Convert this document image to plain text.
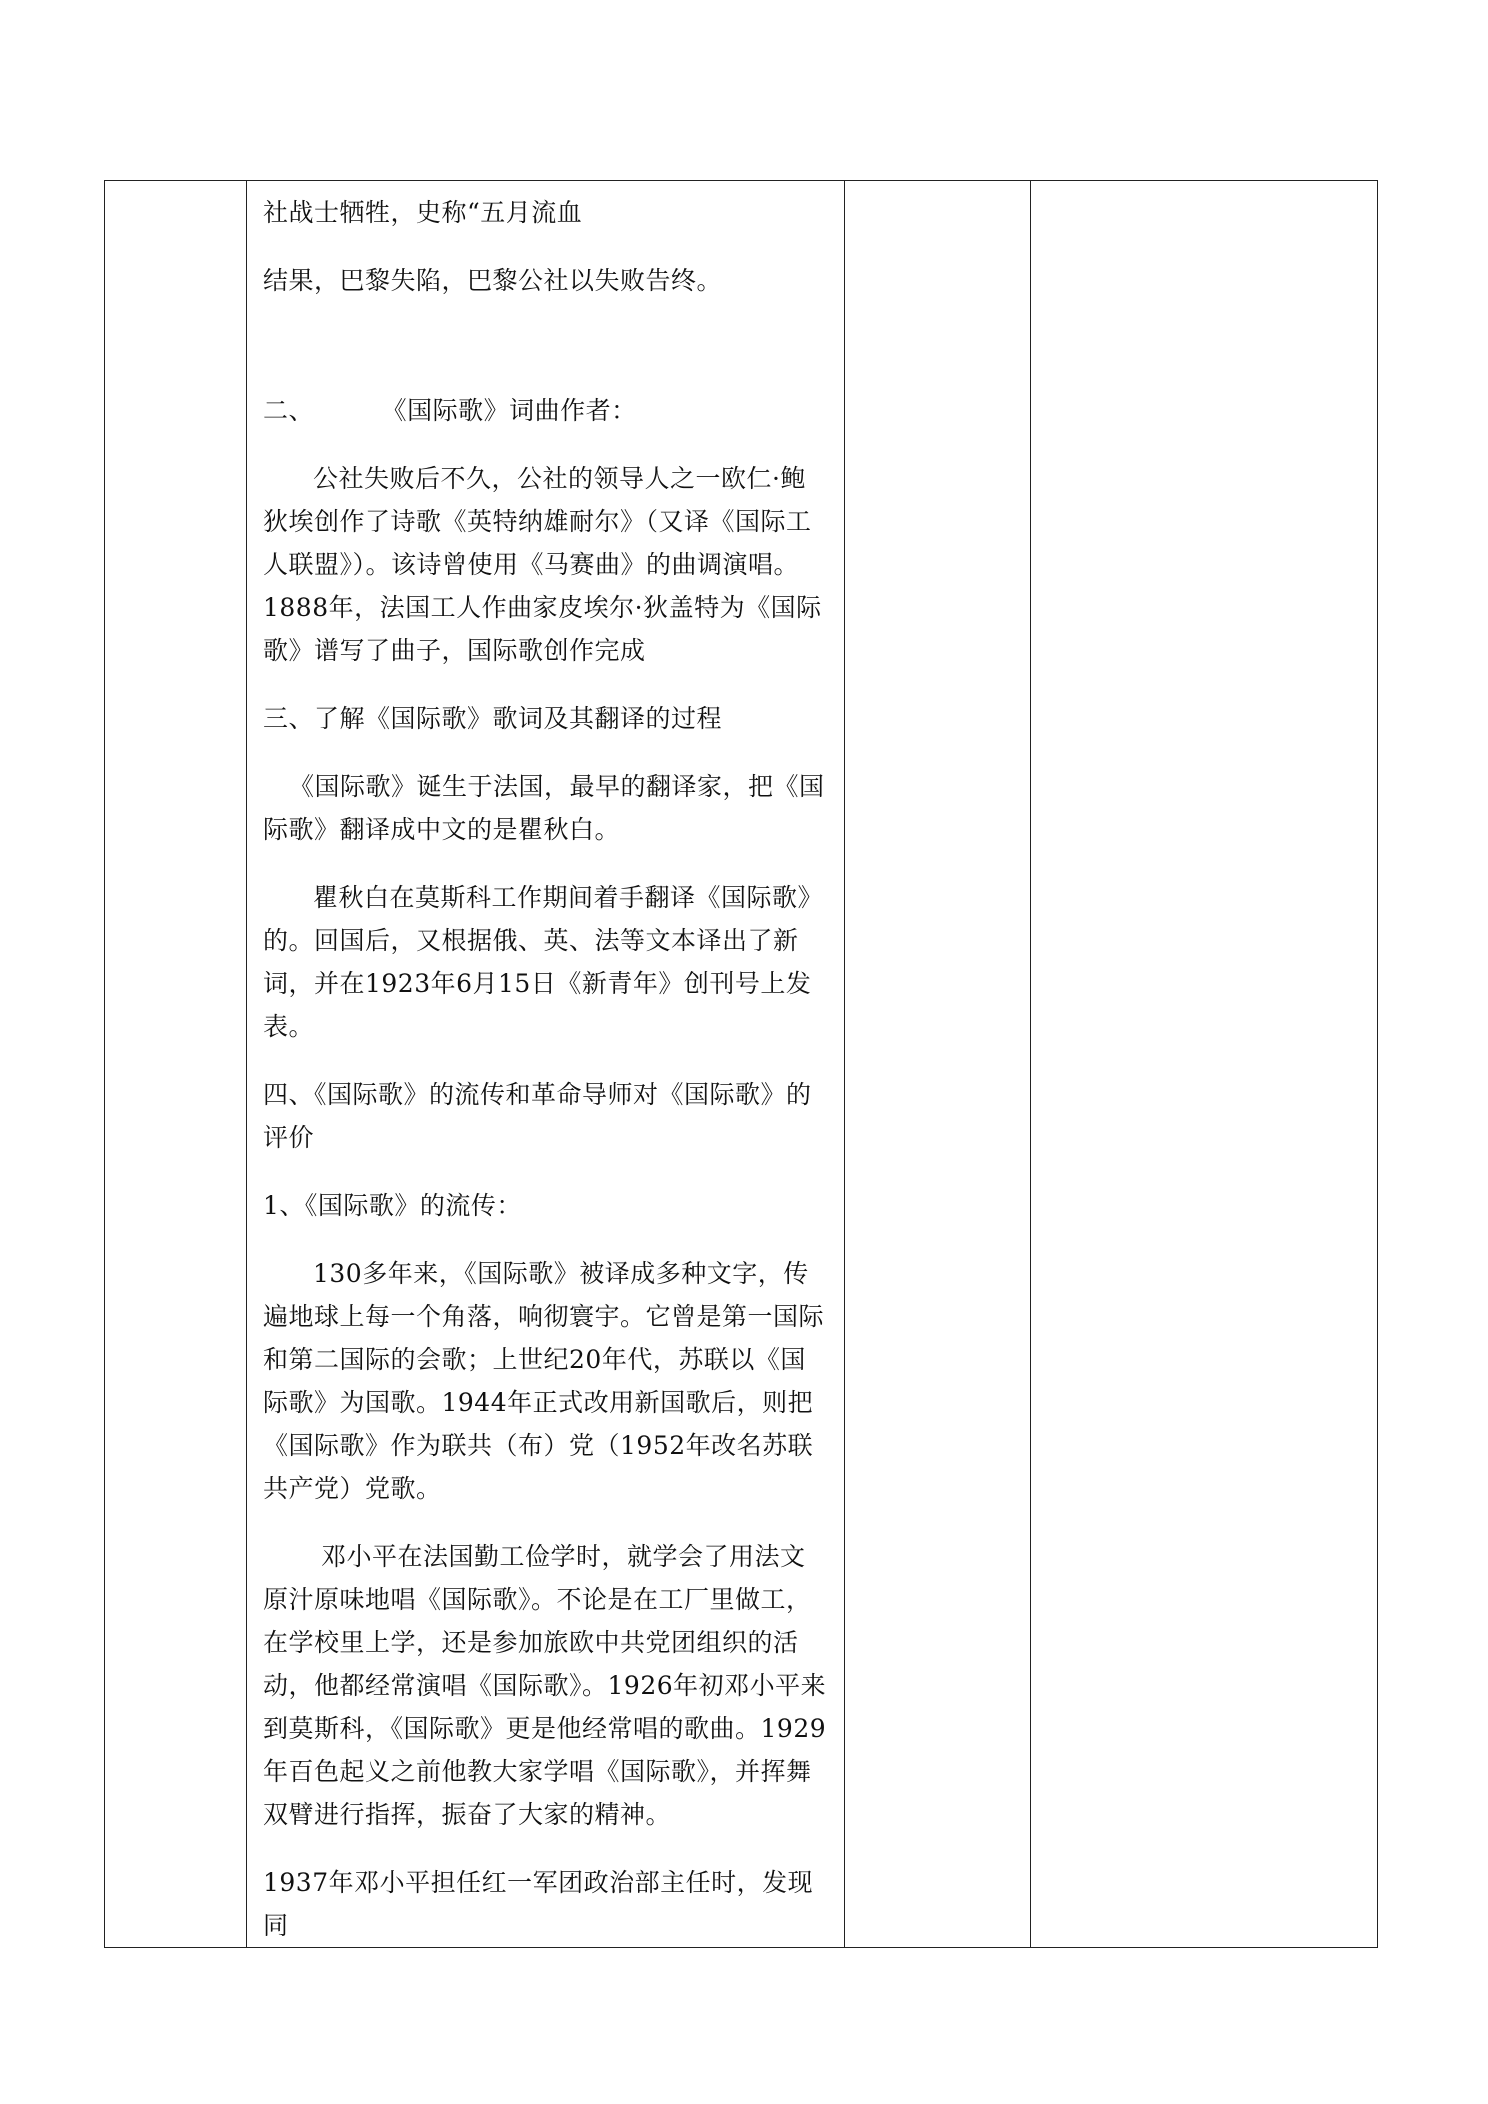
社战士牺牲，史称“五月流血

结果，巴黎失陷，巴黎公社以失败告终。

二、        《国际歌》词曲作者：

公社失败后不久，公社的领导人之一欧仁·鲍狄埃创作了诗歌《英特纳雄耐尔》（又译《国际工人联盟》）。该诗曾使用《马赛曲》的曲调演唱。1888年，法国工人作曲家皮埃尔·狄盖特为《国际歌》谱写了曲子，国际歌创作完成

三、了解《国际歌》歌词及其翻译的过程

《国际歌》诞生于法国，最早的翻译家，把《国际歌》翻译成中文的是瞿秋白。

瞿秋白在莫斯科工作期间着手翻译《国际歌》的。回国后，又根据俄、英、法等文本译出了新词，并在1923年6月15日《新青年》创刊号上发表。

四、《国际歌》的流传和革命导师对《国际歌》的评价

1、《国际歌》的流传：

130多年来，《国际歌》被译成多种文字，传遍地球上每一个角落，响彻寰宇。它曾是第一国际和第二国际的会歌；上世纪20年代，苏联以《国际歌》为国歌。1944年正式改用新国歌后，则把《国际歌》作为联共（布）党（1952年改名苏联共产党）党歌。

邓小平在法国勤工俭学时，就学会了用法文原汁原味地唱《国际歌》。不论是在工厂里做工，在学校里上学，还是参加旅欧中共党团组织的活动，他都经常演唱《国际歌》。1926年初邓小平来到莫斯科，《国际歌》更是他经常唱的歌曲。1929年百色起义之前他教大家学唱《国际歌》，并挥舞双臂进行指挥，振奋了大家的精神。

1937年邓小平担任红一军团政治部主任时，发现同
